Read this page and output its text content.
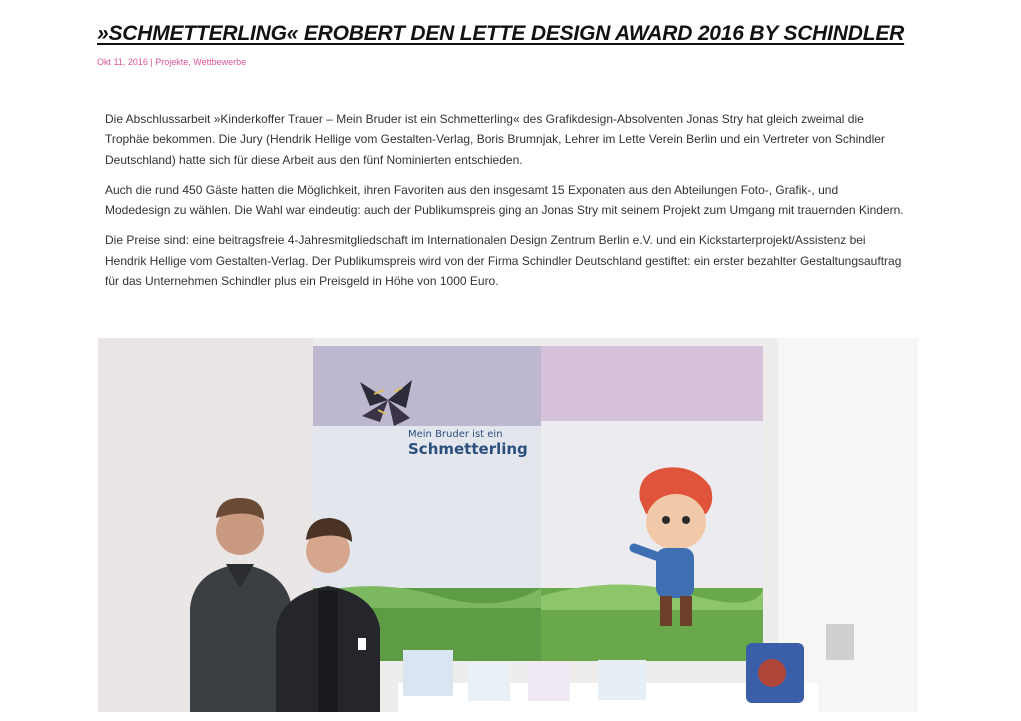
»SCHMETTERLING« EROBERT DEN LETTE DESIGN AWARD 2016 BY SCHINDLER
Okt 11, 2016 | Projekte, Wettbewerbe

Die Abschlussarbeit »Kinderkoffer Trauer – Mein Bruder ist ein Schmetterling« des Grafikdesign-Absolventen Jonas Stry hat gleich zweimal die Trophäe bekommen. Die Jury (Hendrik Hellige vom Gestalten-Verlag, Boris Brumnjak, Lehrer im Lette Verein Berlin und ein Vertreter von Schindler Deutschland) hatte sich für diese Arbeit aus den fünf Nominierten entschieden.

Auch die rund 450 Gäste hatten die Möglichkeit, ihren Favoriten aus den insgesamt 15 Exponaten aus den Abteilungen Foto-, Grafik-, und Modedesign zu wählen. Die Wahl war eindeutig: auch der Publikumspreis ging an Jonas Stry mit seinem Projekt zum Umgang mit trauernden Kindern.

Die Preise sind: eine beitragsfreie 4-Jahresmitgliedschaft im Internationalen Design Zentrum Berlin e.V. und ein Kickstarterprojekt/Assistenz bei Hendrik Hellige vom Gestalten-Verlag. Der Publikumspreis wird von der Firma Schindler Deutschland gestiftet: ein erster bezahlter Gestaltungsauftrag für das Unternehmen Schindler plus ein Preisgeld in Höhe von 1000 Euro.

Mein Bruder ist ein
Schmetterling
